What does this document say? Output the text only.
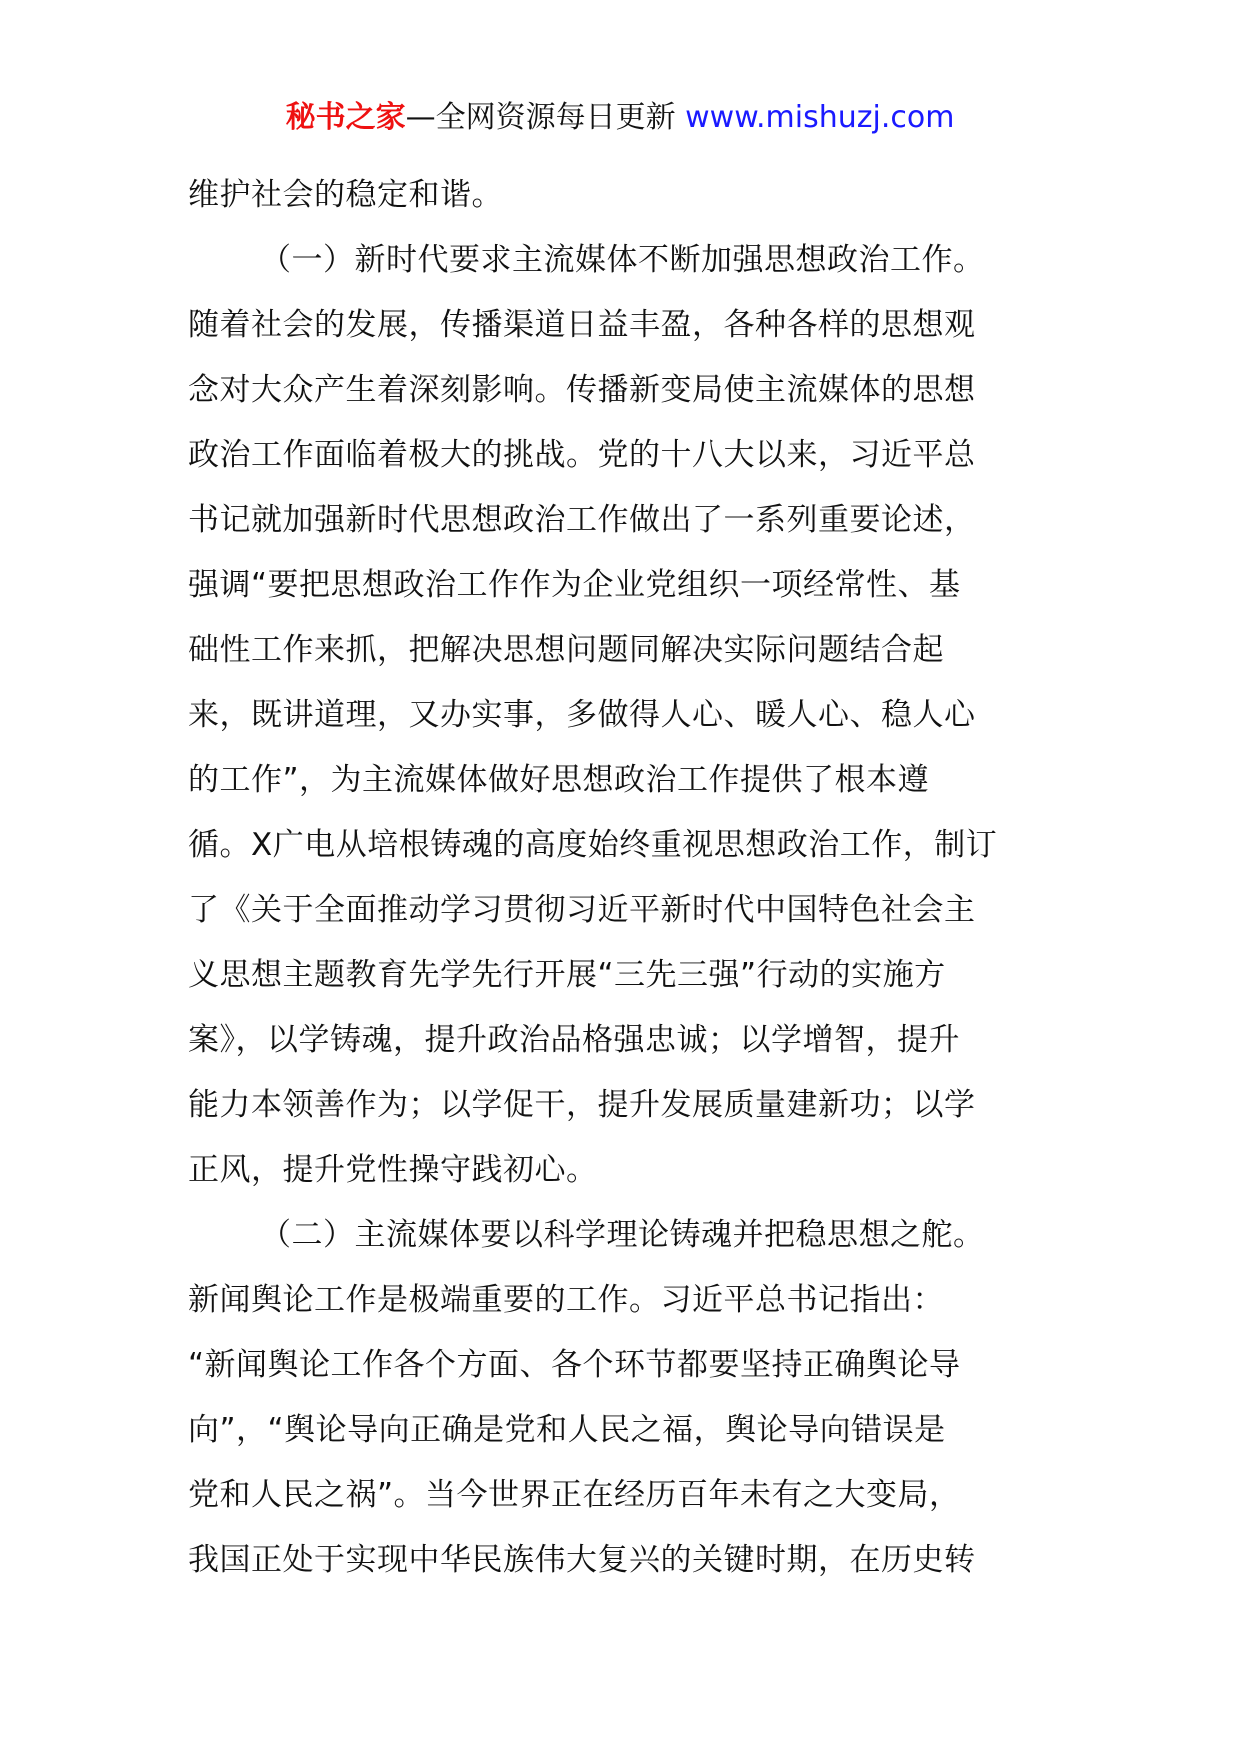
秘书之家—全网资源每日更新 www.mishuzj.com
维护社会的稳定和谐。
（一）新时代要求主流媒体不断加强思想政治工作。
随着社会的发展，传播渠道日益丰盈，各种各样的思想观
念对大众产生着深刻影响。传播新变局使主流媒体的思想
政治工作面临着极大的挑战。党的十八大以来，习近平总
书记就加强新时代思想政治工作做出了一系列重要论述，
强调“要把思想政治工作作为企业党组织一项经常性、基
础性工作来抓，把解决思想问题同解决实际问题结合起
来，既讲道理，又办实事，多做得人心、暖人心、稳人心
的工作”，为主流媒体做好思想政治工作提供了根本遵
循。X广电从培根铸魂的高度始终重视思想政治工作，制订
了《关于全面推动学习贯彻习近平新时代中国特色社会主
义思想主题教育先学先行开展“三先三强”行动的实施方
案》，以学铸魂，提升政治品格强忠诚；以学增智，提升
能力本领善作为；以学促干，提升发展质量建新功；以学
正风，提升党性操守践初心。
（二）主流媒体要以科学理论铸魂并把稳思想之舵。
新闻舆论工作是极端重要的工作。习近平总书记指出：
“新闻舆论工作各个方面、各个环节都要坚持正确舆论导
向”，“舆论导向正确是党和人民之福，舆论导向错误是
党和人民之祸”。当今世界正在经历百年未有之大变局，
我国正处于实现中华民族伟大复兴的关键时期，在历史转
